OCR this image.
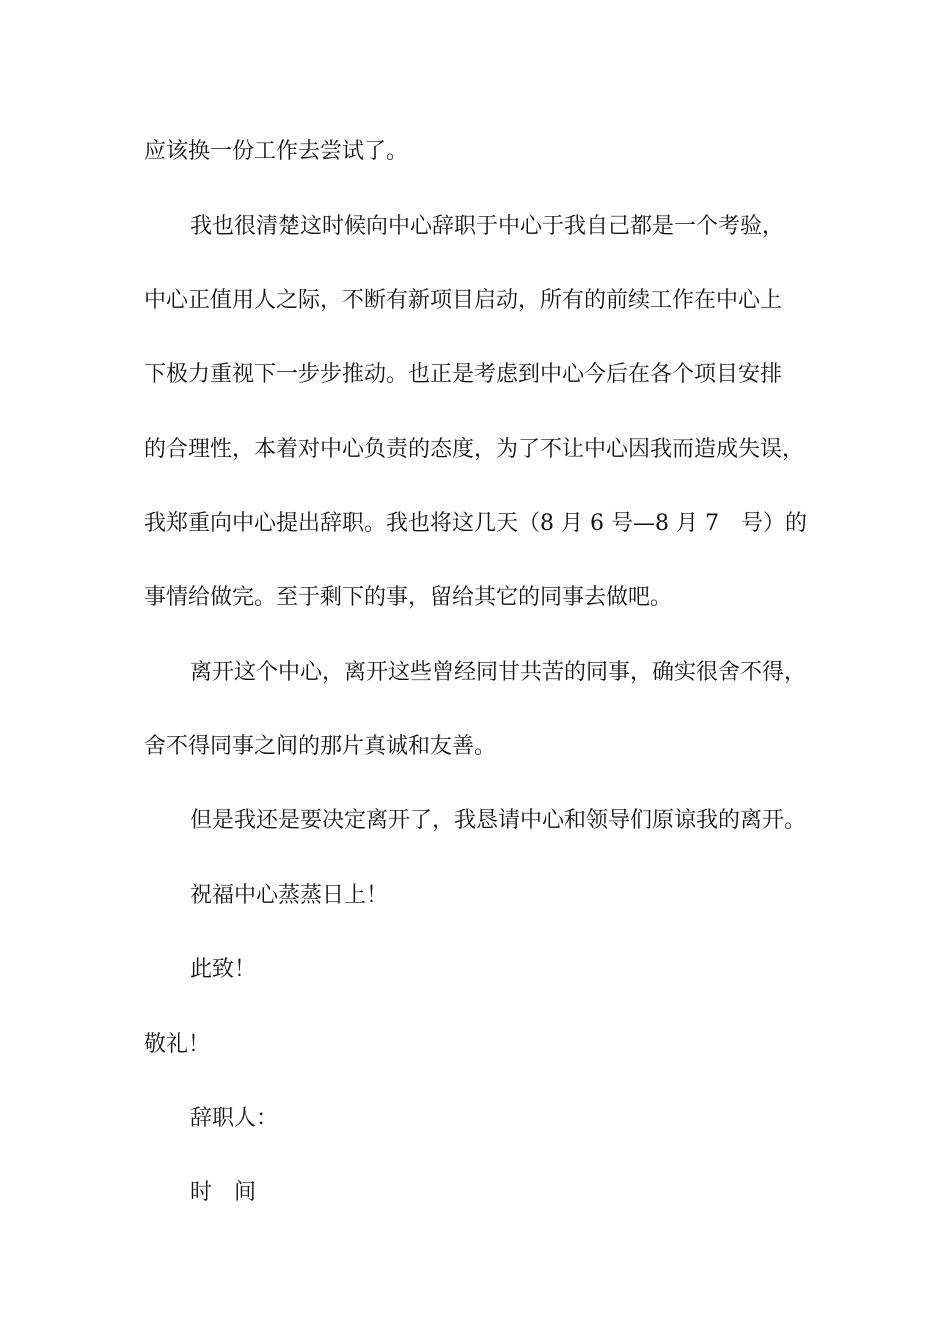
应该换一份工作去尝试了。

我也很清楚这时候向中心辞职于中心于我自己都是一个考验，

中心正值用人之际，不断有新项目启动，所有的前续工作在中心上

下极力重视下一步步推动。也正是考虑到中心今后在各个项目安排

的合理性，本着对中心负责的态度，为了不让中心因我而造成失误，

我郑重向中心提出辞职。我也将这几天（8 月 6 号—8 月 7　号）的

事情给做完。至于剩下的事，留给其它的同事去做吧。

离开这个中心，离开这些曾经同甘共苦的同事，确实很舍不得，

舍不得同事之间的那片真诚和友善。

但是我还是要决定离开了，我恳请中心和领导们原谅我的离开。

祝福中心蒸蒸日上！

此致！

敬礼！

辞职人：

时　间
